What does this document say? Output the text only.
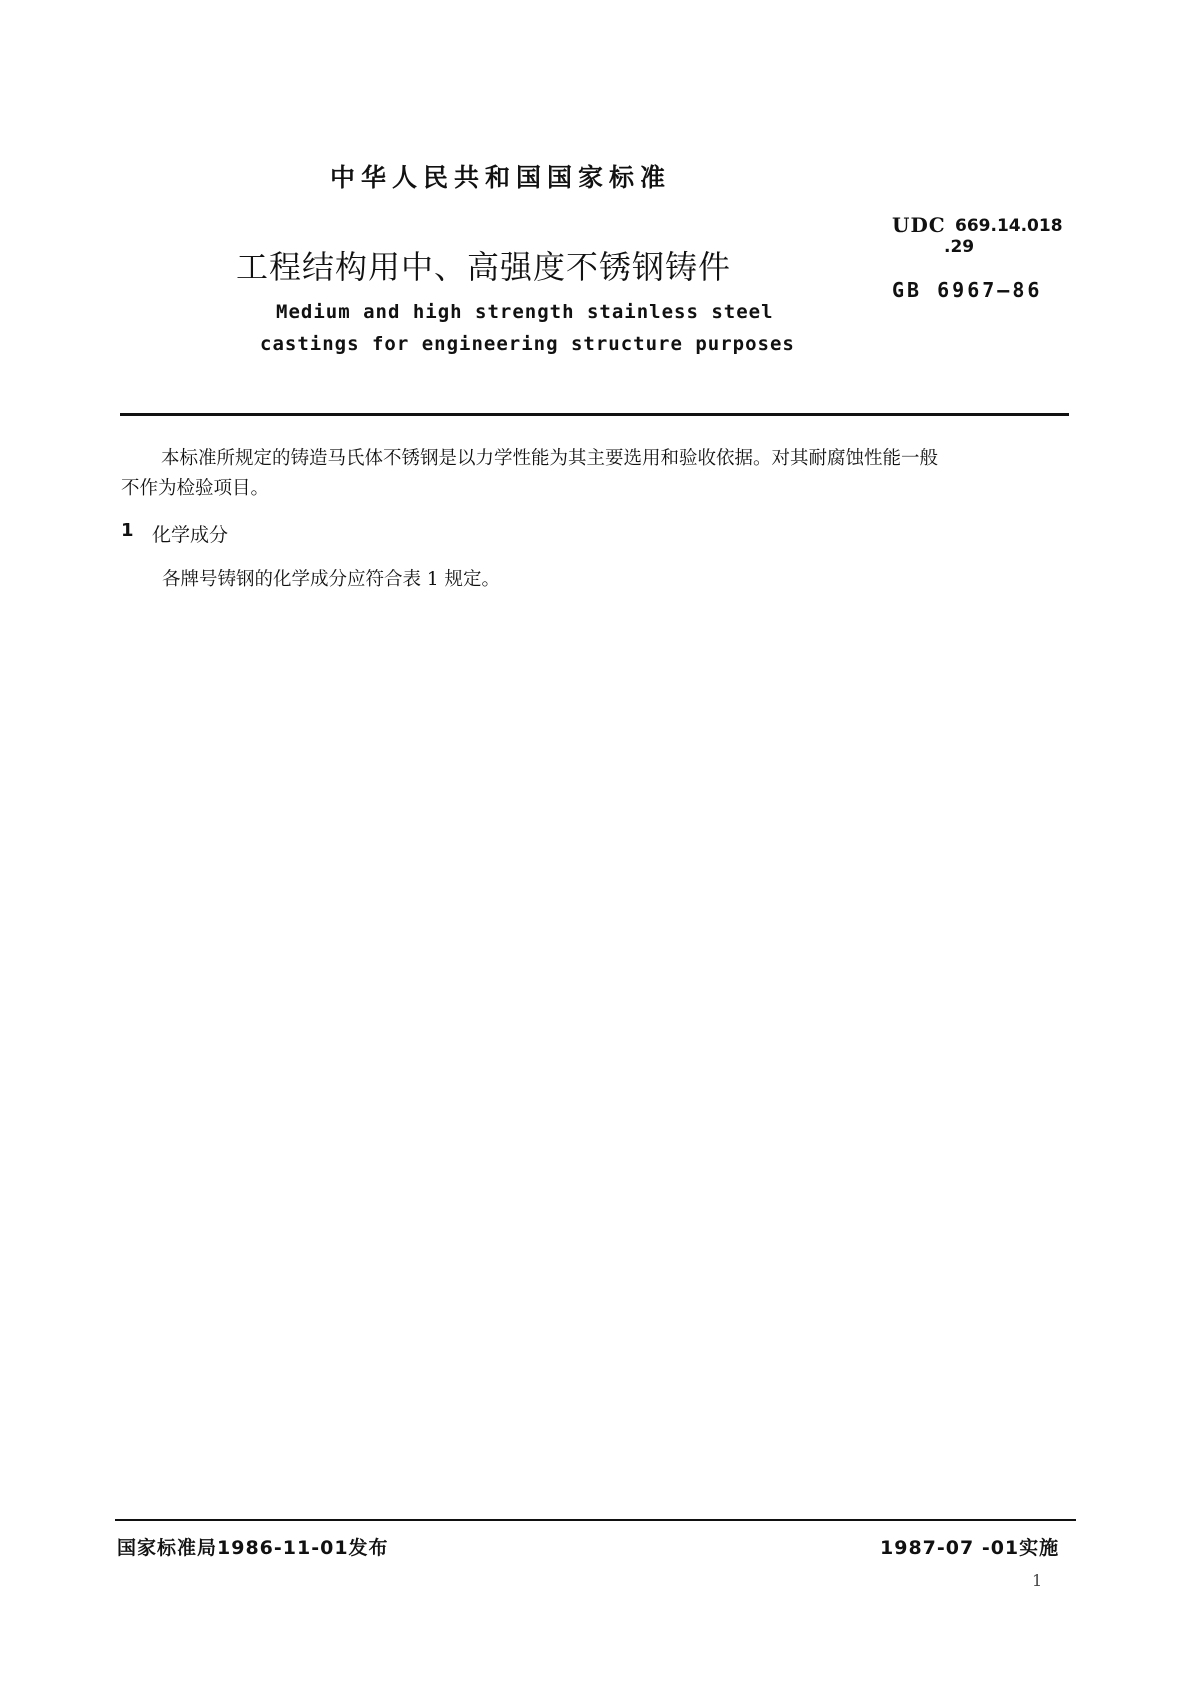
中华人民共和国国家标准
工程结构用中、高强度不锈钢铸件
Medium and high strength stainless steel
castings for engineering structure purposes
UDC 669.14.018
.29
GB 6967—86
本标准所规定的铸造马氏体不锈钢是以力学性能为其主要选用和验收依据。对其耐腐蚀性能一般
不作为检验项目。
1 化学成分
各牌号铸钢的化学成分应符合表 1 规定。
国家标准局1986-11-01发布	1987-07 -01实施
1
